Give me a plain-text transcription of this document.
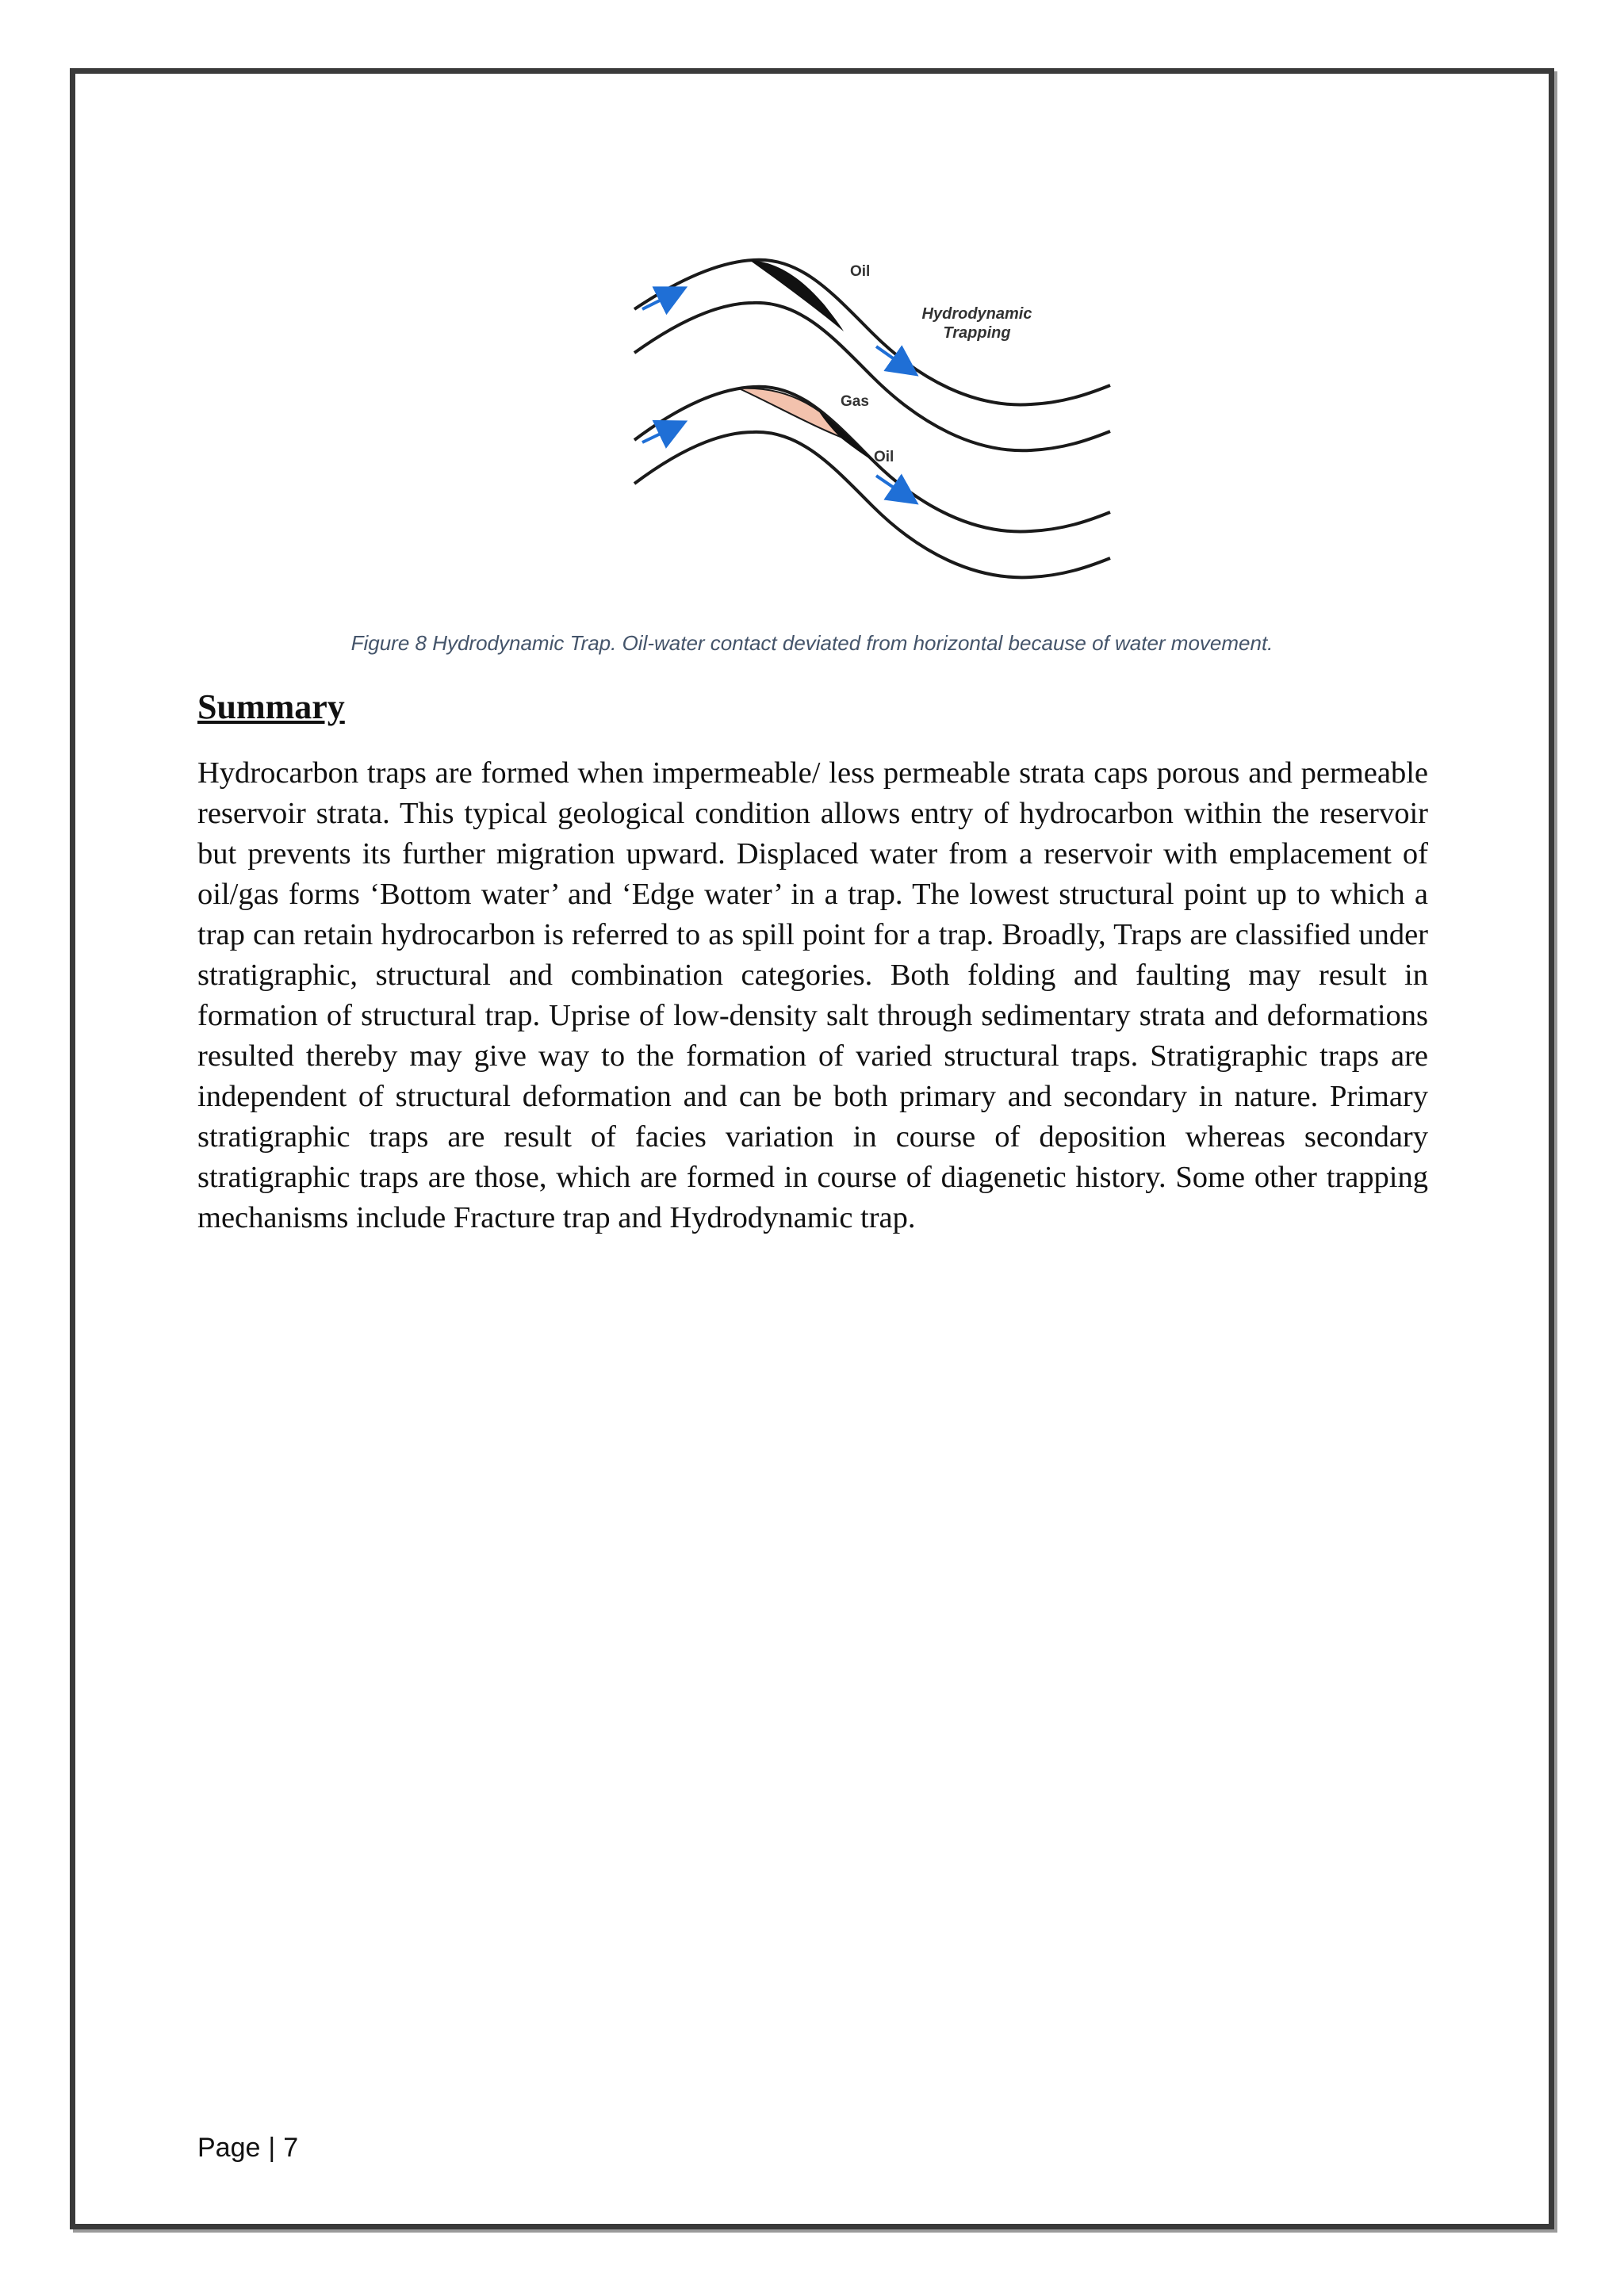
Oil
Hydrodynamic
Trapping
Gas
Oil
Figure 8 Hydrodynamic Trap. Oil-water contact deviated from horizontal because of water movement.
Summary

Hydrocarbon traps are formed when impermeable/ less permeable strata caps porous and permeable reservoir strata. This typical geological condition allows entry of hydrocarbon within the reservoir but prevents its further migration upward. Displaced water from a reservoir with emplacement of oil/gas forms ‘Bottom water’ and ‘Edge water’ in a trap. The lowest structural point up to which a trap can retain hydrocarbon is referred to as spill point for a trap. Broadly, Traps are classified under stratigraphic, structural and combination categories. Both folding and faulting may result in formation of structural trap. Uprise of low-density salt through sedimentary strata and deformations resulted thereby may give way to the formation of varied structural traps. Stratigraphic traps are independent of structural deformation and can be both primary and secondary in nature. Primary stratigraphic traps are result of facies variation in course of deposition whereas secondary stratigraphic traps are those, which are formed in course of diagenetic history. Some other trapping mechanisms include Fracture trap and Hydrodynamic trap.

Page | 7
